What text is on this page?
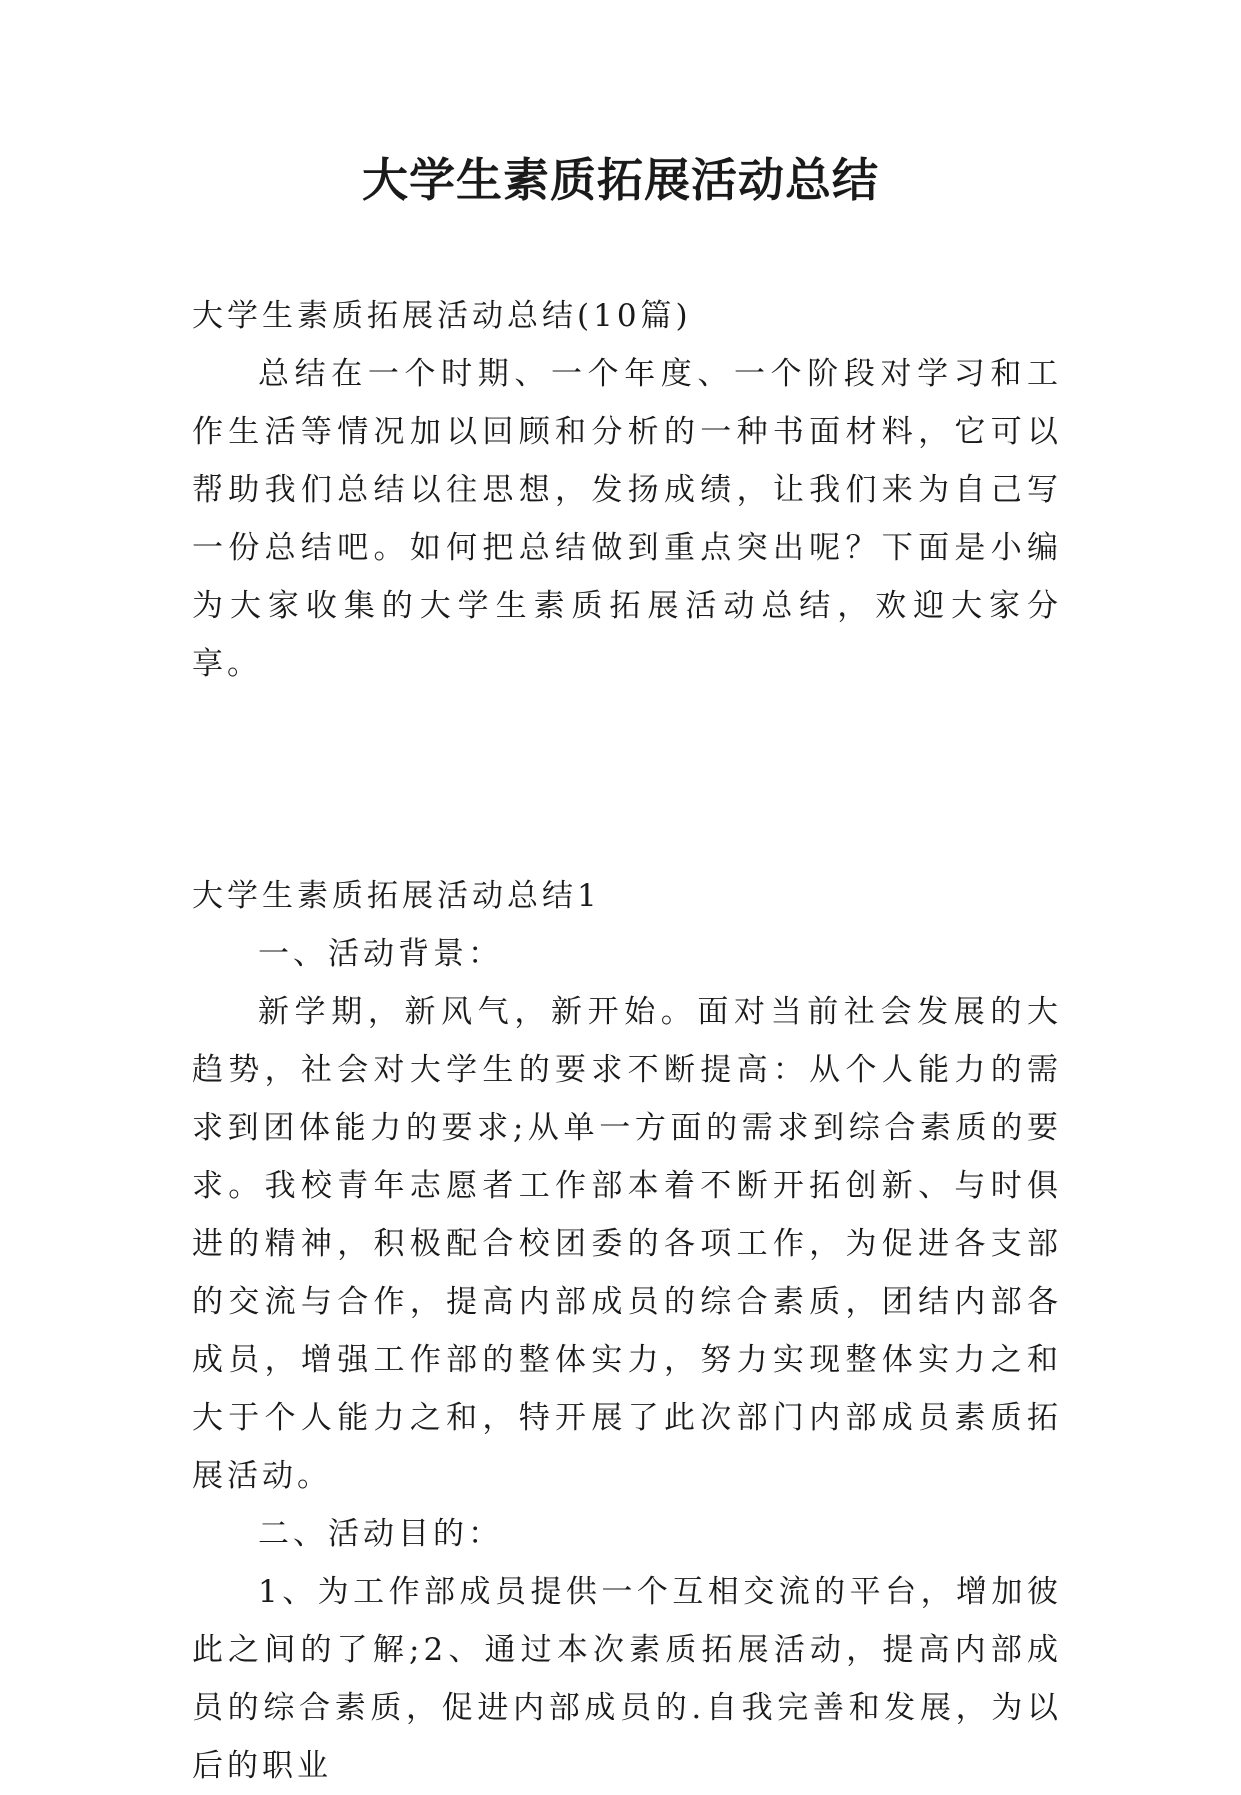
大学生素质拓展活动总结

大学生素质拓展活动总结(10篇)

总结在一个时期、一个年度、一个阶段对学习和工作生活等情况加以回顾和分析的一种书面材料，它可以帮助我们总结以往思想，发扬成绩，让我们来为自己写一份总结吧。如何把总结做到重点突出呢？下面是小编为大家收集的大学生素质拓展活动总结，欢迎大家分享。

大学生素质拓展活动总结1

一、活动背景：

新学期，新风气，新开始。面对当前社会发展的大趋势，社会对大学生的要求不断提高：从个人能力的需求到团体能力的要求;从单一方面的需求到综合素质的要求。我校青年志愿者工作部本着不断开拓创新、与时俱进的精神，积极配合校团委的各项工作，为促进各支部的交流与合作，提高内部成员的综合素质，团结内部各成员，增强工作部的整体实力，努力实现整体实力之和大于个人能力之和，特开展了此次部门内部成员素质拓展活动。

二、活动目的：

1、为工作部成员提供一个互相交流的平台，增加彼此之间的了解;2、通过本次素质拓展活动，提高内部成员的综合素质，促进内部成员的.自我完善和发展，为以后的职业
